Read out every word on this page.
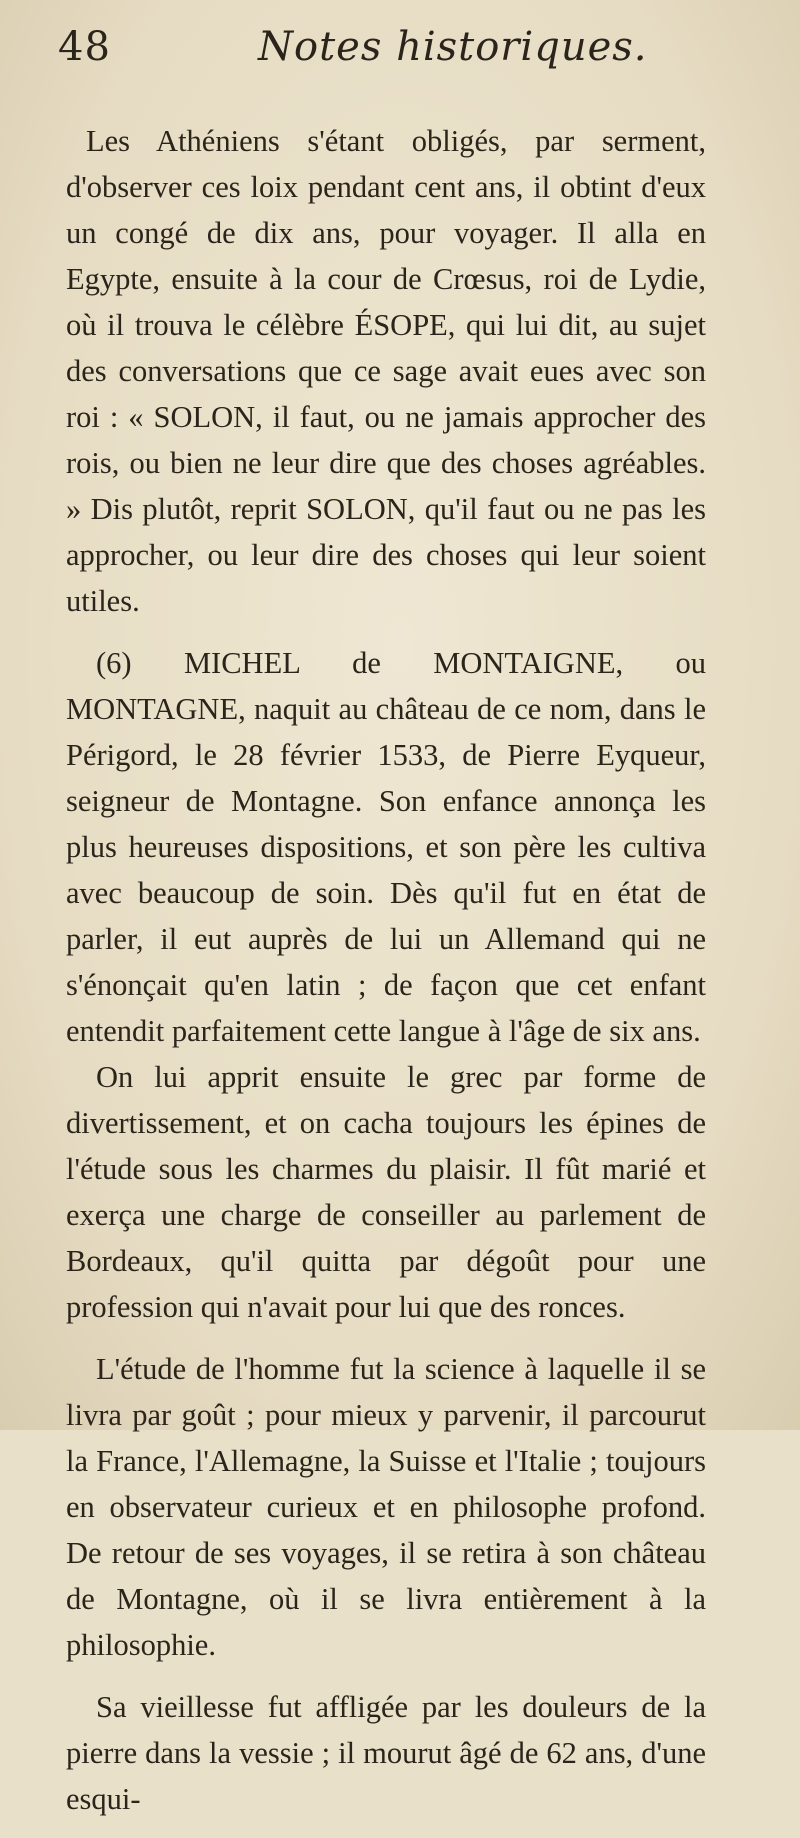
48	Notes historiques.

Les Athéniens s'étant obligés, par serment, d'observer ces loix pendant cent ans, il obtint d'eux un congé de dix ans, pour voyager. Il alla en Egypte, ensuite à la cour de Crœsus, roi de Lydie, où il trouva le célèbre ÉSOPE, qui lui dit, au sujet des conversations que ce sage avait eues avec son roi : « SOLON, il faut, ou ne jamais approcher des rois, ou bien ne leur dire que des choses agréables. » Dis plutôt, reprit SOLON, qu'il faut ou ne pas les approcher, ou leur dire des choses qui leur soient utiles.

(6) MICHEL de MONTAIGNE, ou MONTAGNE, naquit au château de ce nom, dans le Périgord, le 28 février 1533, de Pierre Eyqueur, seigneur de Montagne. Son enfance annonça les plus heureuses dispositions, et son père les cultiva avec beaucoup de soin. Dès qu'il fut en état de parler, il eut auprès de lui un Allemand qui ne s'énonçait qu'en latin ; de façon que cet enfant entendit parfaitement cette langue à l'âge de six ans.

On lui apprit ensuite le grec par forme de divertissement, et on cacha toujours les épines de l'étude sous les charmes du plaisir. Il fût marié et exerça une charge de conseiller au parlement de Bordeaux, qu'il quitta par dégoût pour une profession qui n'avait pour lui que des ronces.

L'étude de l'homme fut la science à laquelle il se livra par goût ; pour mieux y parvenir, il parcourut la France, l'Allemagne, la Suisse et l'Italie ; toujours en observateur curieux et en philosophe profond. De retour de ses voyages, il se retira à son château de Montagne, où il se livra entièrement à la philosophie.

Sa vieillesse fut affligée par les douleurs de la pierre dans la vessie ; il mourut âgé de 62 ans, d'une esqui-
